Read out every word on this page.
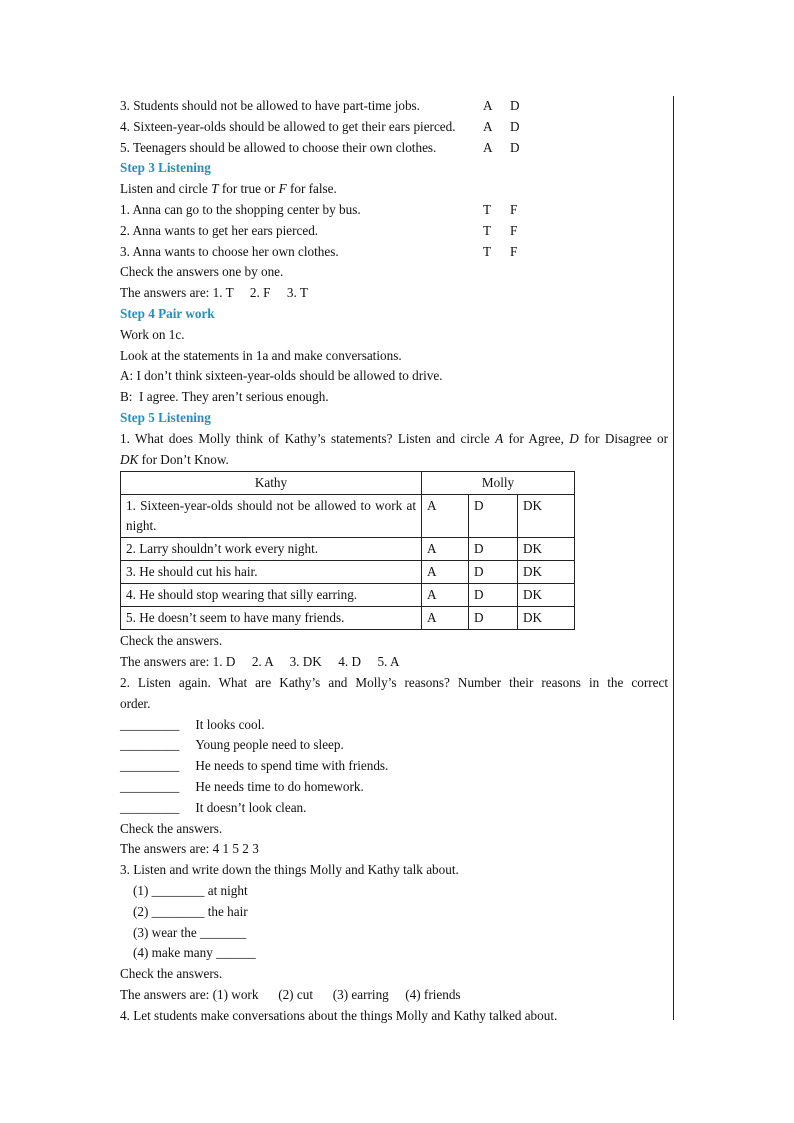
3. Students should not be allowed to have part-time jobs.	A D
4. Sixteen-year-olds should be allowed to get their ears pierced. A D
5. Teenagers should be allowed to choose their own clothes.	A D
Step 3 Listening
Listen and circle T for true or F for false.
1. Anna can go to the shopping center by bus.	T F
2. Anna wants to get her ears pierced.	T F
3. Anna wants to choose her own clothes.	T F
Check the answers one by one.
The answers are: 1. T     2. F     3. T
Step 4 Pair work
Work on 1c.
Look at the statements in 1a and make conversations.
A: I don’t think sixteen-year-olds should be allowed to drive.
B:  I agree. They aren’t serious enough.
Step 5 Listening
1. What does Molly think of Kathy’s statements? Listen and circle A for Agree, D for Disagree or
DK for Don’t Know.
Kathy	Molly		
1. Sixteen-year-olds should not be allowed to work at night.	A	D	DK
2. Larry shouldn’t work every night.	A	D	DK
3. He should cut his hair.	A	D	DK
4. He should stop wearing that silly earring.	A	D	DK
5. He doesn’t seem to have many friends.	A	D	DK
Check the answers.
The answers are: 1. D     2. A     3. DK     4. D     5. A
2. Listen again. What are Kathy’s and Molly’s reasons? Number their reasons in the correct
order.
_________ It looks cool.
_________ Young people need to sleep.
_________ He needs to spend time with friends.
_________ He needs time to do homework.
_________ It doesn’t look clean.
Check the answers.
The answers are: 4 1 5 2 3
3. Listen and write down the things Molly and Kathy talk about.
(1) ________ at night
(2) ________ the hair
(3) wear the _______
(4) make many ______
Check the answers.
The answers are: (1) work      (2) cut      (3) earring     (4) friends
4. Let students make conversations about the things Molly and Kathy talked about.
